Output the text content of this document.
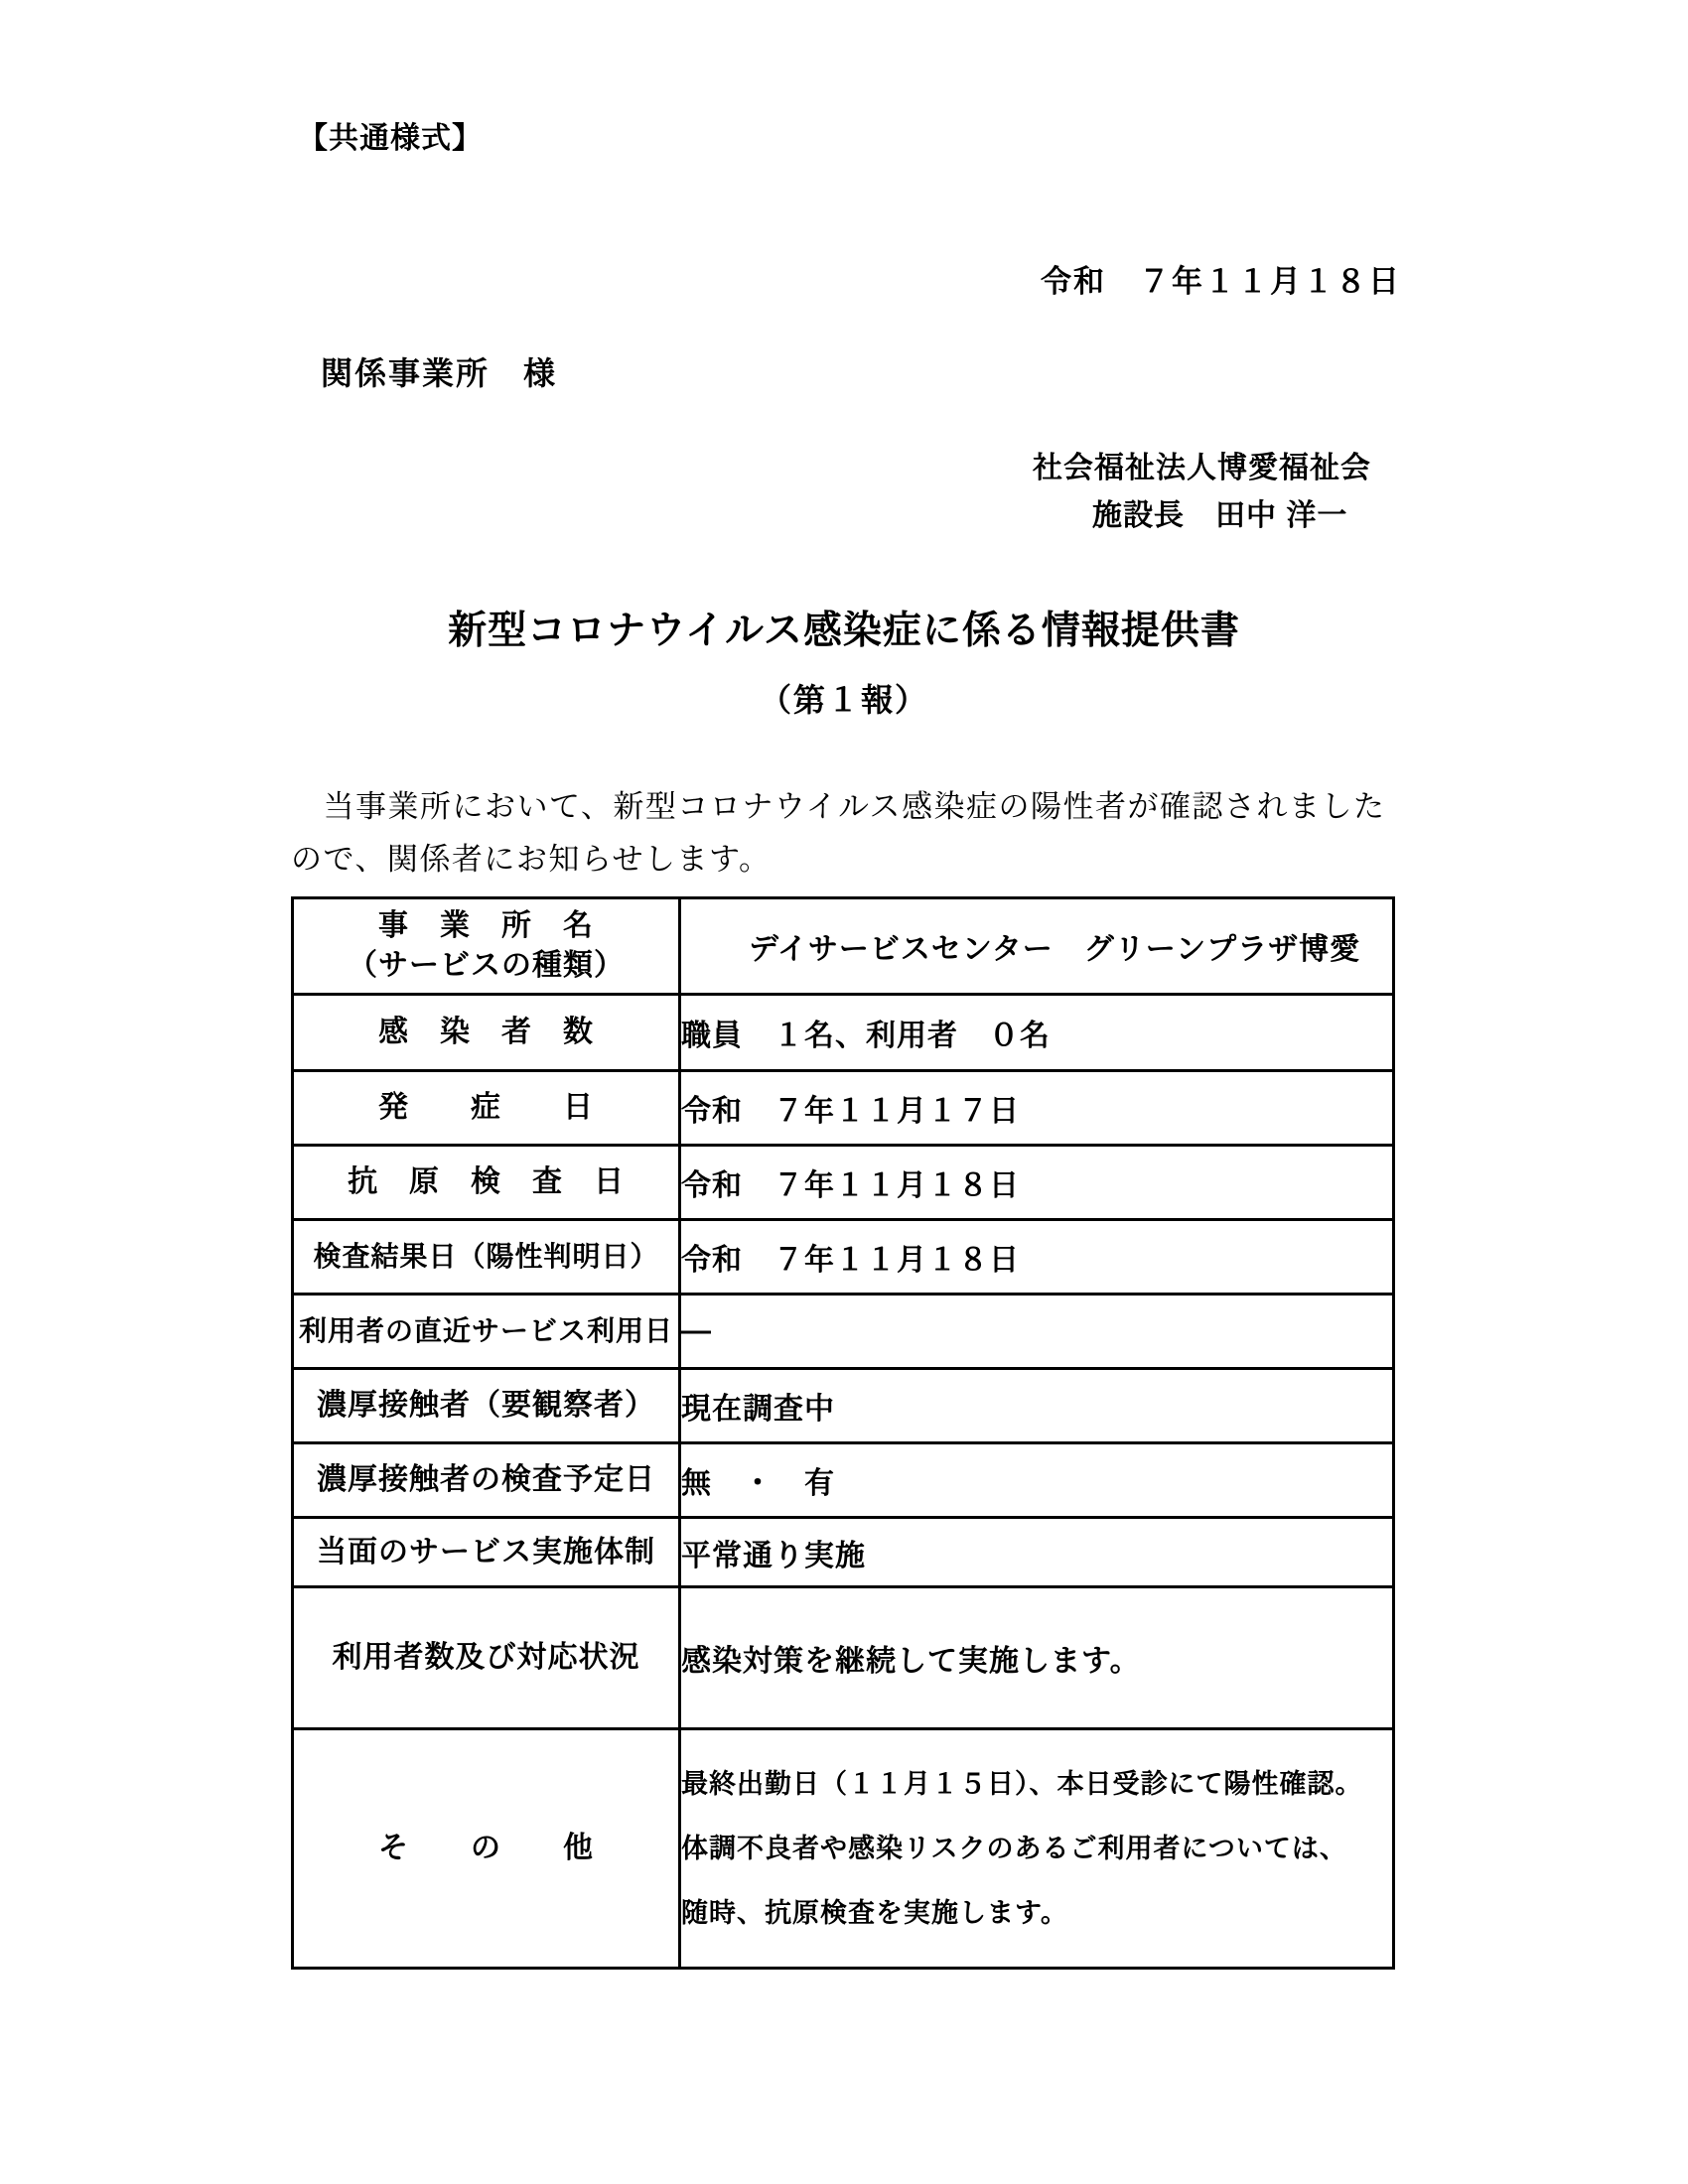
【共通様式】
令和　７年１１月１８日
関係事業所　様
社会福祉法人博愛福祉会
施設長　田中 洋一
新型コロナウイルス感染症に係る情報提供書
（第１報）
　当事業所において、新型コロナウイルス感染症の陽性者が確認されました
ので、関係者にお知らせします。
事　業　所　名
（サービスの種類）	デイサービスセンター　グリーンプラザ博愛

感　染　者　数	職員　１名、利用者　０名

発　　症　　日	令和　７年１１月１７日

抗　原　検　査　日	令和　７年１１月１８日

検査結果日（陽性判明日）	令和　７年１１月１８日

利用者の直近サービス利用日	―

濃厚接触者（要観察者）	現在調査中

濃厚接触者の検査予定日	無　・　有

当面のサービス実施体制	平常通り実施

利用者数及び対応状況	感染対策を継続して実施します。

そ　　の　　他	最終出勤日（１１月１５日）、本日受診にて陽性確認。
体調不良者や感染リスクのあるご利用者については、
随時、抗原検査を実施します。
